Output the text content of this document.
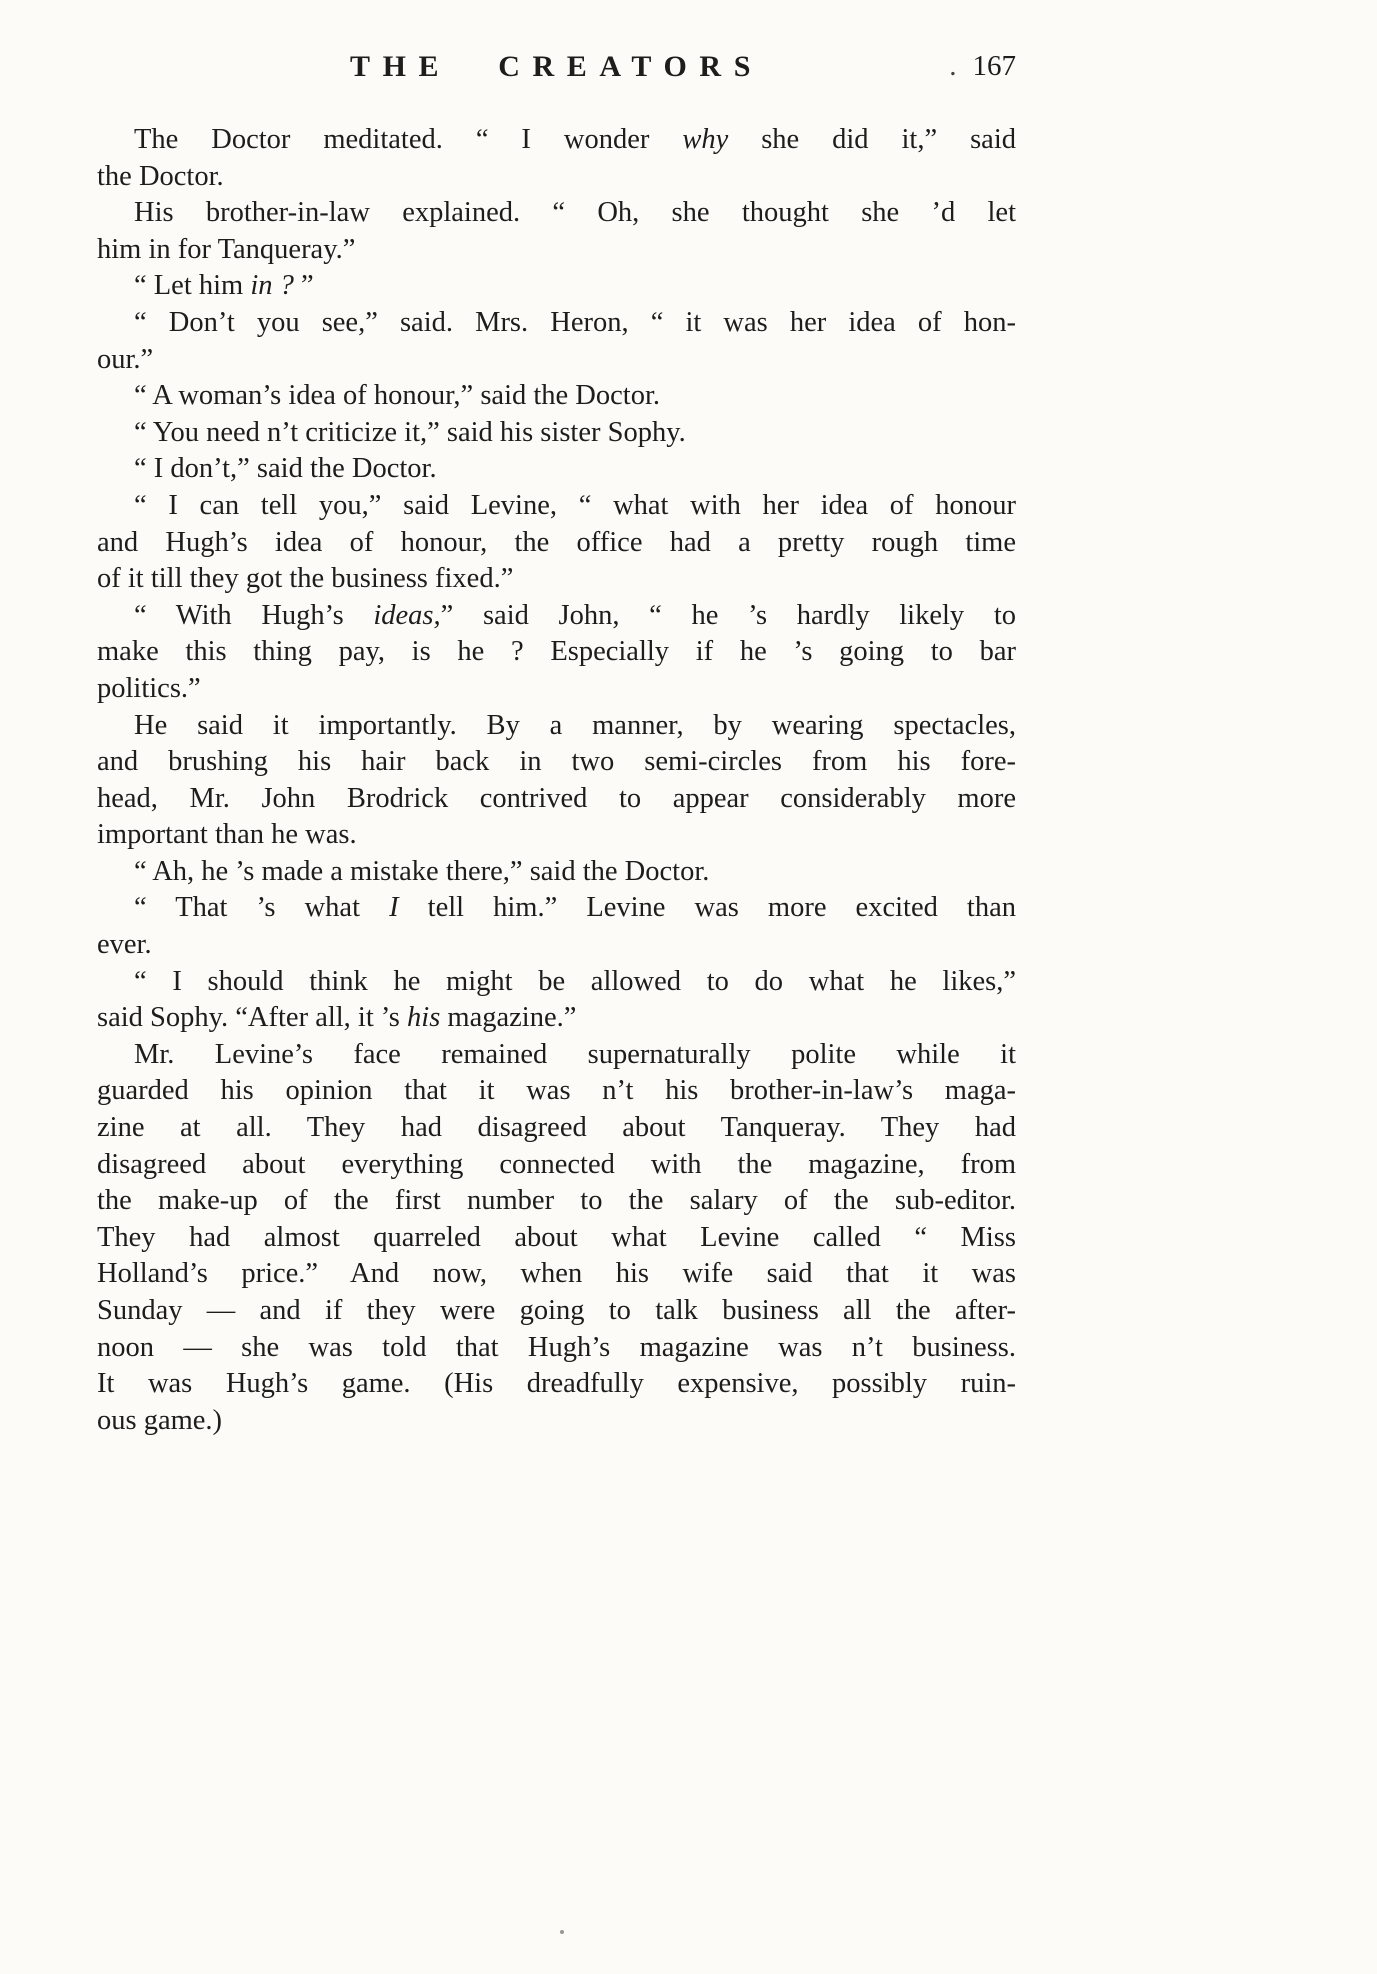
THE CREATORS	. 167
The Doctor meditated. “ I wonder why she did it,” said
the Doctor.
His brother-in-law explained. “ Oh, she thought she ’d let
him in for Tanqueray.”
“ Let him in ? ”
“ Don’t you see,” said. Mrs. Heron, “ it was her idea of hon-
our.”
“ A woman’s idea of honour,” said the Doctor.
“ You need n’t criticize it,” said his sister Sophy.
“ I don’t,” said the Doctor.
“ I can tell you,” said Levine, “ what with her idea of honour
and Hugh’s idea of honour, the office had a pretty rough time
of it till they got the business fixed.”
“ With Hugh’s ideas,” said John, “ he ’s hardly likely to
make this thing pay, is he ? Especially if he ’s going to bar
politics.”
He said it importantly. By a manner, by wearing spectacles,
and brushing his hair back in two semi-circles from his fore-
head, Mr. John Brodrick contrived to appear considerably more
important than he was.
“ Ah, he ’s made a mistake there,” said the Doctor.
“ That ’s what I tell him.” Levine was more excited than
ever.
“ I should think he might be allowed to do what he likes,”
said Sophy. “After all, it ’s his magazine.”
Mr. Levine’s face remained supernaturally polite while it
guarded his opinion that it was n’t his brother-in-law’s maga-
zine at all. They had disagreed about Tanqueray. They had
disagreed about everything connected with the magazine, from
the make-up of the first number to the salary of the sub-editor.
They had almost quarreled about what Levine called “ Miss
Holland’s price.” And now, when his wife said that it was
Sunday — and if they were going to talk business all the after-
noon — she was told that Hugh’s magazine was n’t business.
It was Hugh’s game. (His dreadfully expensive, possibly ruin-
ous game.)
